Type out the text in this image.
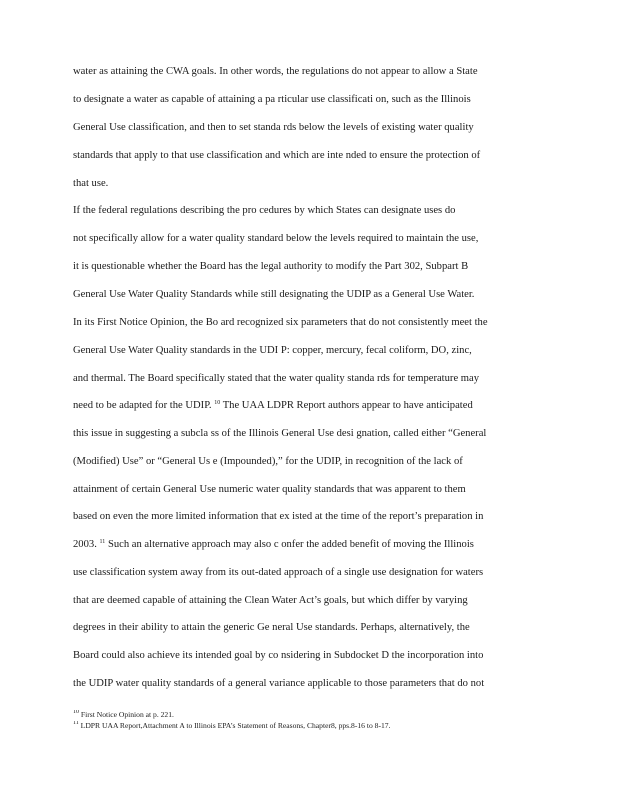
water as attaining the CWA goals. In other words, the regulations do not appear to allow a State
to designate a water as capable of attaining a pa rticular use classificati on, such as the Illinois
General Use classification, and then to set standa rds below the levels of existing water quality
standards that apply to that use classification and which are inte nded to ensure the protection of
that use.
If the federal regulations describing the pro cedures by which States can designate uses do
not specifically allow for a water quality standard below the levels required to maintain the use,
it is questionable whether the Board has the legal authority to modify the Part 302, Subpart B
General Use Water Quality Standards while still designating the UDIP as a General Use Water.
In its First Notice Opinion, the Bo ard recognized six parameters that do not consistently meet the
General Use Water Quality standards in the UDI P: copper, mercury, fecal coliform, DO, zinc,
and thermal. The Board specifically stated that the water quality standa rds for temperature may
need to be adapted for the UDIP. $^{10}$ The UAA LDPR Report authors appear to have anticipated
this issue in suggesting a subcla ss of the Illinois General Use desi gnation, called either “General
(Modified) Use” or “General Us e (Impounded),” for the UDIP, in recognition of the lack of
attainment of certain General Use numeric water quality standards that was apparent to them
based on even the more limited information that ex isted at the time of the report’s preparation in
2003. $^{11}$ Such an alternative approach may also c onfer the added benefit of moving the Illinois
use classification system away from its out-dated approach of a single use designation for waters
that are deemed capable of attaining the Clean Water Act’s goals, but which differ by varying
degrees in their ability to attain the generic Ge neral Use standards. Perhaps, alternatively, the
Board could also achieve its intended goal by co nsidering in Subdocket D the incorporation into
the UDIP water quality standards of a general variance applicable to those parameters that do not
$^{10}$ First Notice Opinion at p. 221.
$^{11}$ LDPR UAA Report,Attachment A to Illinois EPA’s Statement of Reasons, Chapter8, pps.8-16 to 8-17.
